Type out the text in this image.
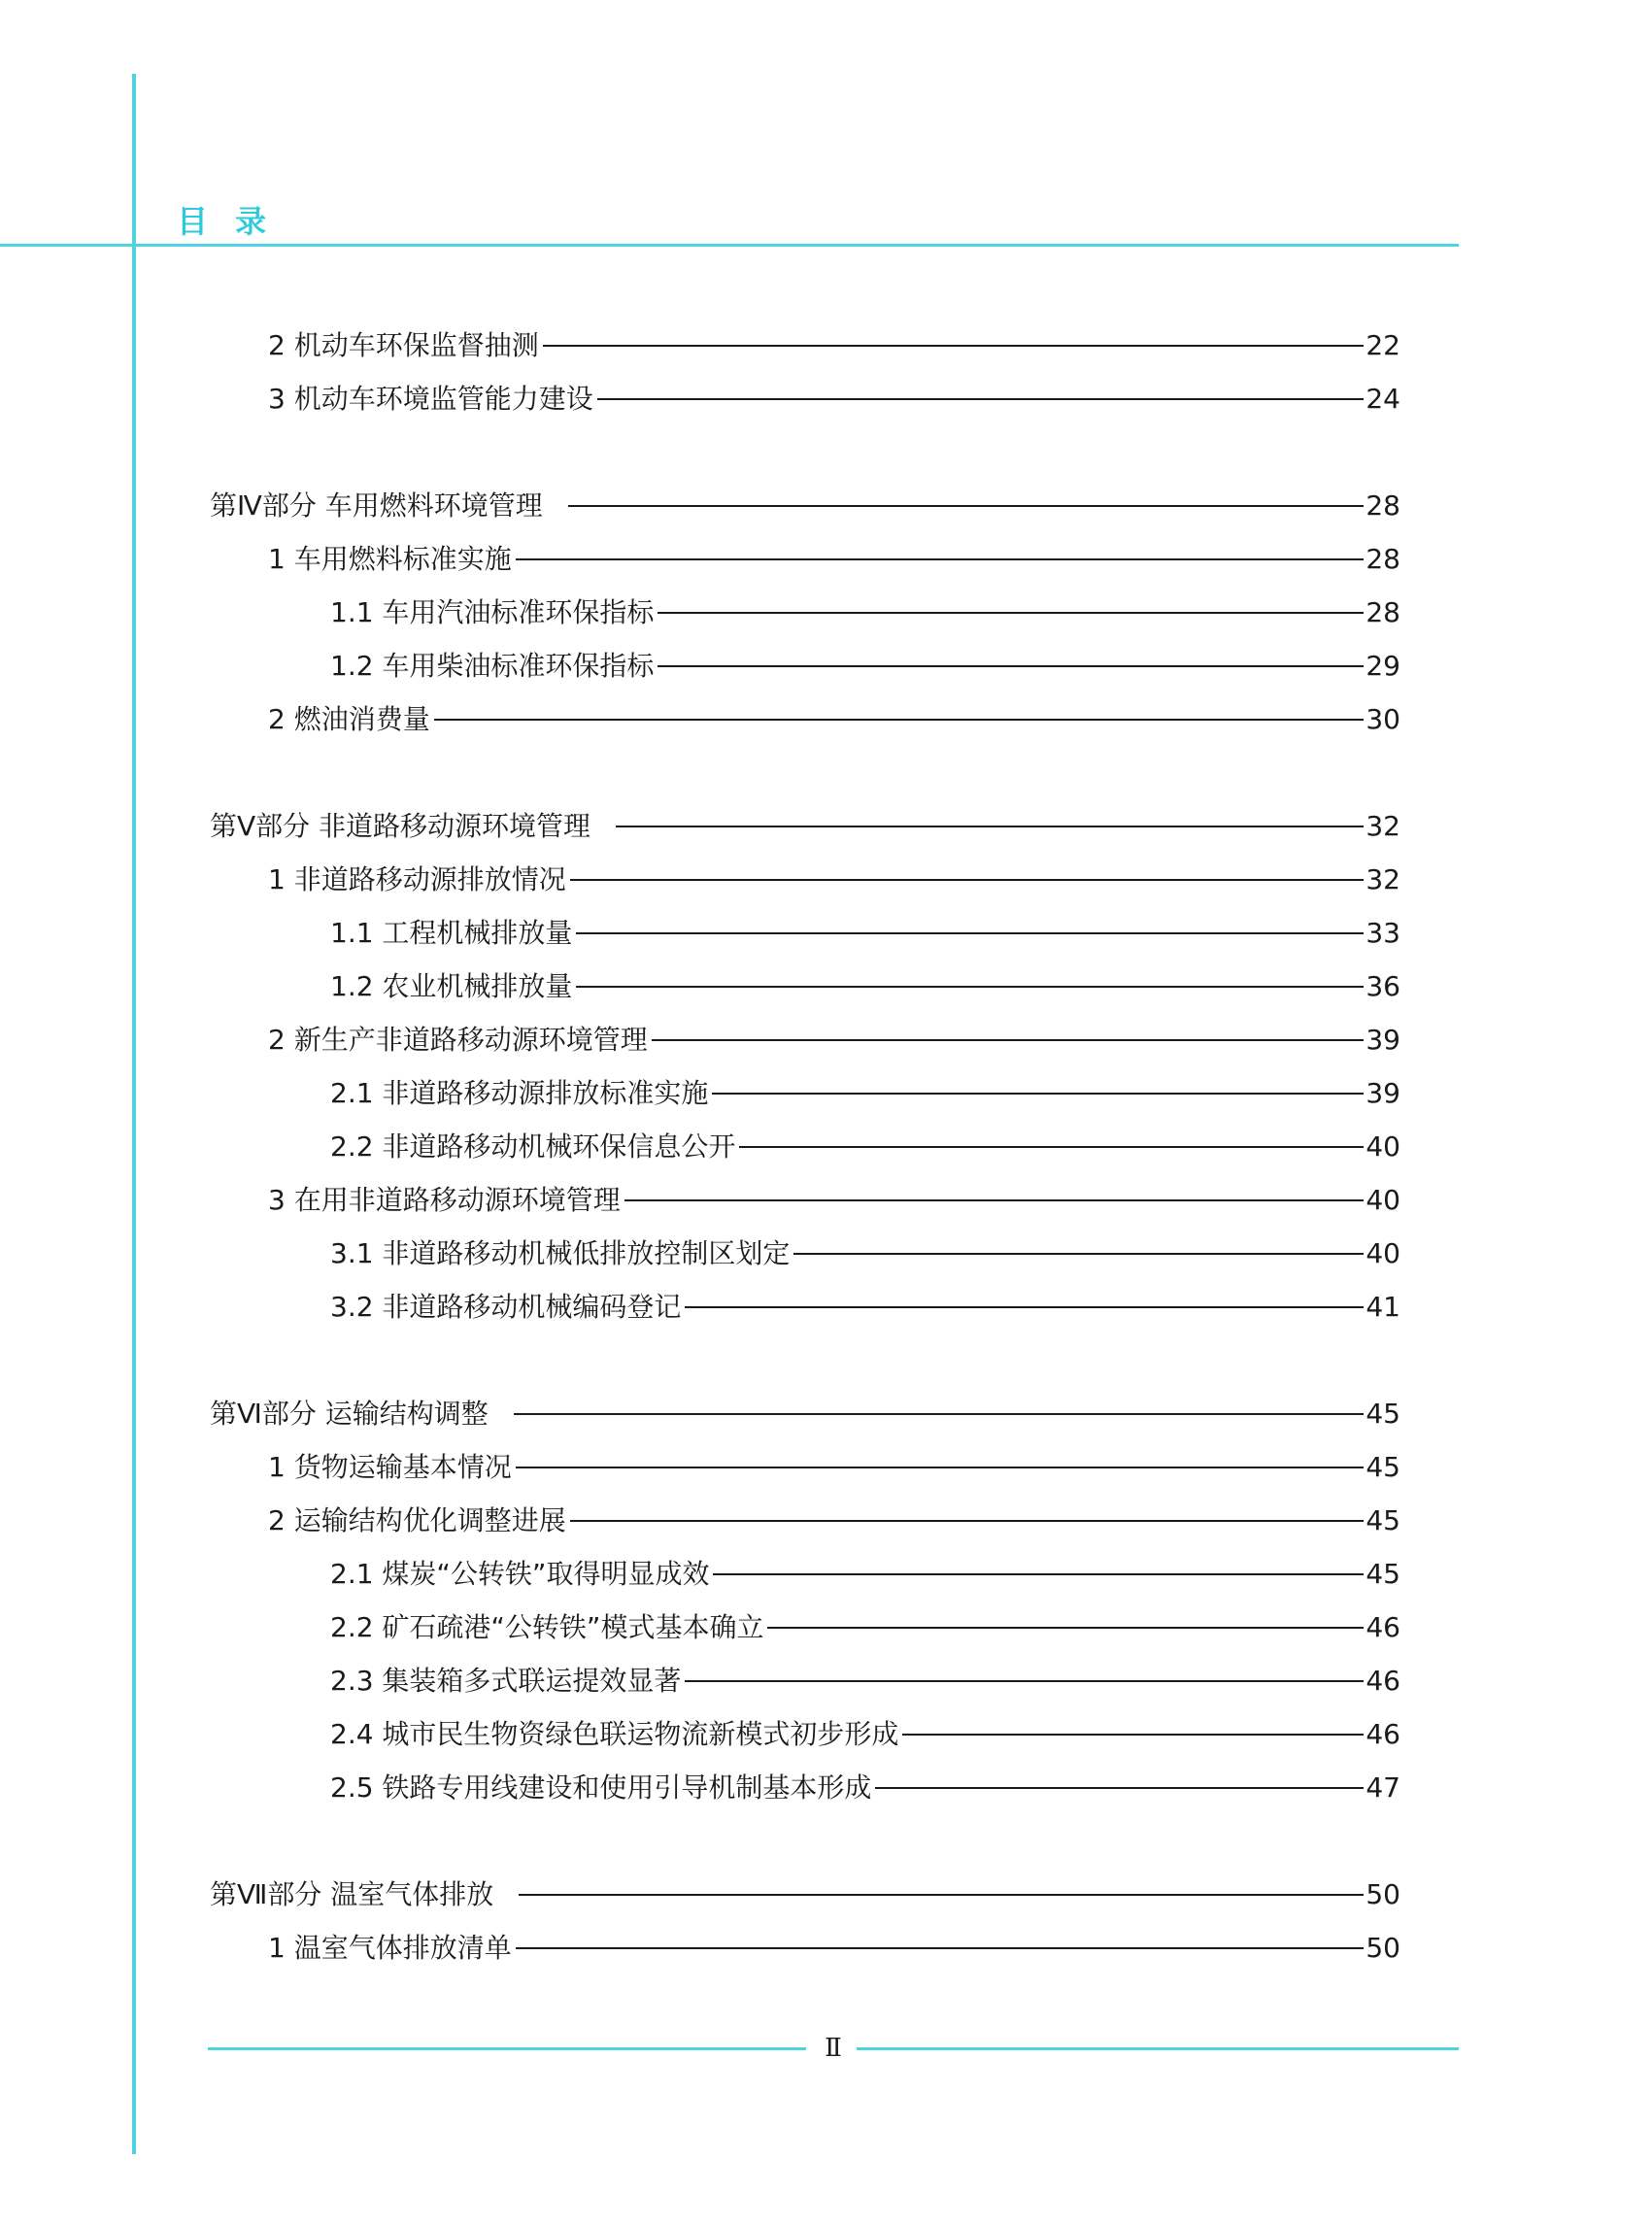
目录
2 机动车环保监督抽测	22
3 机动车环境监管能力建设	24
第Ⅳ部分 车用燃料环境管理	28
1 车用燃料标准实施	28
1.1 车用汽油标准环保指标	28
1.2 车用柴油标准环保指标	29
2 燃油消费量	30
第Ⅴ部分 非道路移动源环境管理	32
1 非道路移动源排放情况	32
1.1 工程机械排放量	33
1.2 农业机械排放量	36
2 新生产非道路移动源环境管理	39
2.1 非道路移动源排放标准实施	39
2.2 非道路移动机械环保信息公开	40
3 在用非道路移动源环境管理	40
3.1 非道路移动机械低排放控制区划定	40
3.2 非道路移动机械编码登记	41
第Ⅵ部分 运输结构调整	45
1 货物运输基本情况	45
2 运输结构优化调整进展	45
2.1 煤炭“公转铁”取得明显成效	45
2.2 矿石疏港“公转铁”模式基本确立	46
2.3 集装箱多式联运提效显著	46
2.4 城市民生物资绿色联运物流新模式初步形成	46
2.5 铁路专用线建设和使用引导机制基本形成	47
第Ⅶ部分 温室气体排放	50
1 温室气体排放清单	50
Ⅱ
